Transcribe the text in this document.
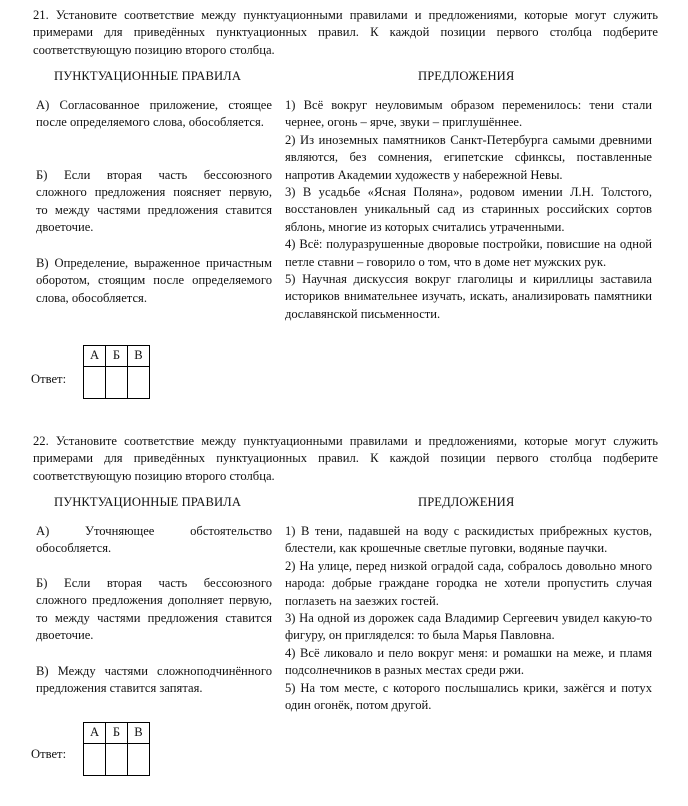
21. Установите соответствие между пунктуационными правилами и предложениями, которые могут служить примерами для приведённых пунктуационных правил. К каждой позиции первого столбца подберите соответствующую позицию второго столбца.
ПУНКТУАЦИОННЫЕ ПРАВИЛА	ПРЕДЛОЖЕНИЯ

А) Согласованное приложение, стоящее после определяемого слова, обособляется.

Б) Если вторая часть бессоюзного сложного предложения поясняет первую, то между частями предложения ставится двоеточие.

В) Определение, выраженное причастным оборотом, стоящим после определяемого слова, обособляется.

1) Всё вокруг неуловимым образом переменилось: тени стали чернее, огонь – ярче, звуки – приглушённее.

2) Из иноземных памятников Санкт-Петербурга самыми древними являются, без сомнения, египетские сфинксы, поставленные напротив Академии художеств у набережной Невы.

3) В усадьбе «Ясная Поляна», родовом имении Л.Н. Толстого, восстановлен уникальный сад из старинных российских сортов яблонь, многие из которых считались утраченными.

4) Всё: полуразрушенные дворовые постройки, повисшие на одной петле ставни – говорило о том, что в доме нет мужских рук.

5) Научная дискуссия вокруг глаголицы и кириллицы заставила историков внимательнее изучать, искать, анализировать памятники доcлавянской письменности.

Ответ:
А	Б	В

22. Установите соответствие между пунктуационными правилами и предложениями, которые могут служить примерами для приведённых пунктуационных правил. К каждой позиции первого столбца подберите соответствующую позицию второго столбца.
ПУНКТУАЦИОННЫЕ ПРАВИЛА	ПРЕДЛОЖЕНИЯ

А) Уточняющее обстоятельство обособляется.

Б) Если вторая часть бессоюзного сложного предложения дополняет первую, то между частями предложения ставится двоеточие.

В) Между частями сложноподчинённого предложения ставится запятая.

1) В тени, падавшей на воду с раскидистых прибрежных кустов, блестели, как крошечные светлые пуговки, водяные паучки.

2) На улице, перед низкой оградой сада, собралось довольно много народа: добрые граждане городка не хотели пропустить случая поглазеть на заезжих гостей.

3) На одной из дорожек сада Владимир Сергеевич увидел какую-то фигуру, он пригляделся: то была Марья Павловна.

4) Всё ликовало и пело вокруг меня: и ромашки на меже, и пламя подсолнечников в разных местах среди ржи.

5) На том месте, с которого послышались крики, зажёгся и потух один огонёк, потом другой.

Ответ:
А	Б	В
